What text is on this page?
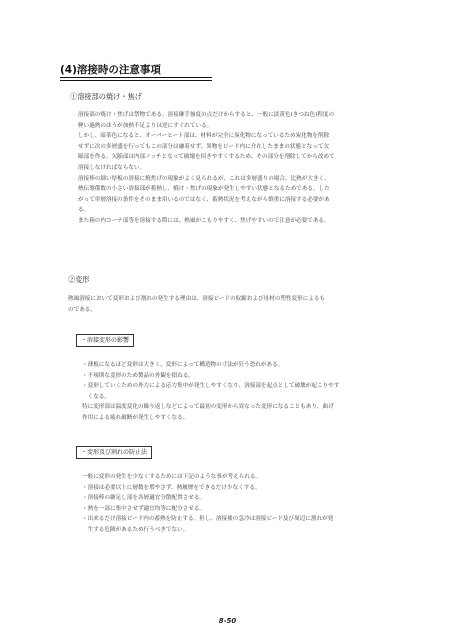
(4)溶接時の注意事項
①溶接部の焼け・焦げ
溶接部の焼け・焦げは禁物である。溶接継手強度の点だけからすると、一般に淡黄色(きつね色)程度の
軽い過熱のほうが加熱不足よりは逆にすぐれている。
しかし、暗茶色になると、オーバーヒート部は、材料が完全に炭化物になっているため炭化物を削除
せずに次の多層盛を行ってもこの部分は融着せず、異物をビード内に介在したままの状態となって欠
陥部を作る。欠陥部は内部ノッチとなって破壊を招きやすくするため、その部分を削除してから改めて
溶接しなければならない。
溶接棒の細い厚板の溶接に焼焦げの現象がよく見られるが、これは多層盛りの場合、比熱が大きく、
熱伝導係数の小さい溶接部が蓄熱し、焼け・焦げの現象が発生しやすい状態となるためである。した
がって単層溶接の条件をそのまま用いるのではなく、蓄熱状況を考えながら慎重に溶接する必要があ
る。
また箱の内コーナ部等を溶接する際には、熱風がこもりやすく、焦げやすいので注意が必要である。
②変形
熱風溶接において変形および割れの発生する理由は、溶接ビードの収縮および母材の塑性変形によるも
のである。
・溶接変形の影響
・薄板になるほど変形は大きく、変形によって構造物の寸法が狂う恐れがある。
・不規則な変形のため製品の外観を損ねる。
・変形していくための外力による応力集中が発生しやすくなり、溶接部を起点として破壊が起こりやす
　くなる。
特に変形部は温度変化の繰り返しなどによって最初の変形から異なった変形になることもあり、曲げ
作用による疲れ破断が発生しやすくなる。
・変形及び割れの防止法
一般に変形の発生を少なくするためには下記のような事が考えられる。
・溶接は必要以上に層数を増やさず、熱履歴をできるだけ少なくする。
・溶接棒の継足し部を各層適宜分散配置させる。
・熱を一部に集中させず適宜均等に配分させる。
・出来るだけ溶接ビード内の蓄熱を防止する。但し、溶接後の急冷は溶接ビード及び周辺に割れが発
　生する危険があるため行うべきでない。
8-50
